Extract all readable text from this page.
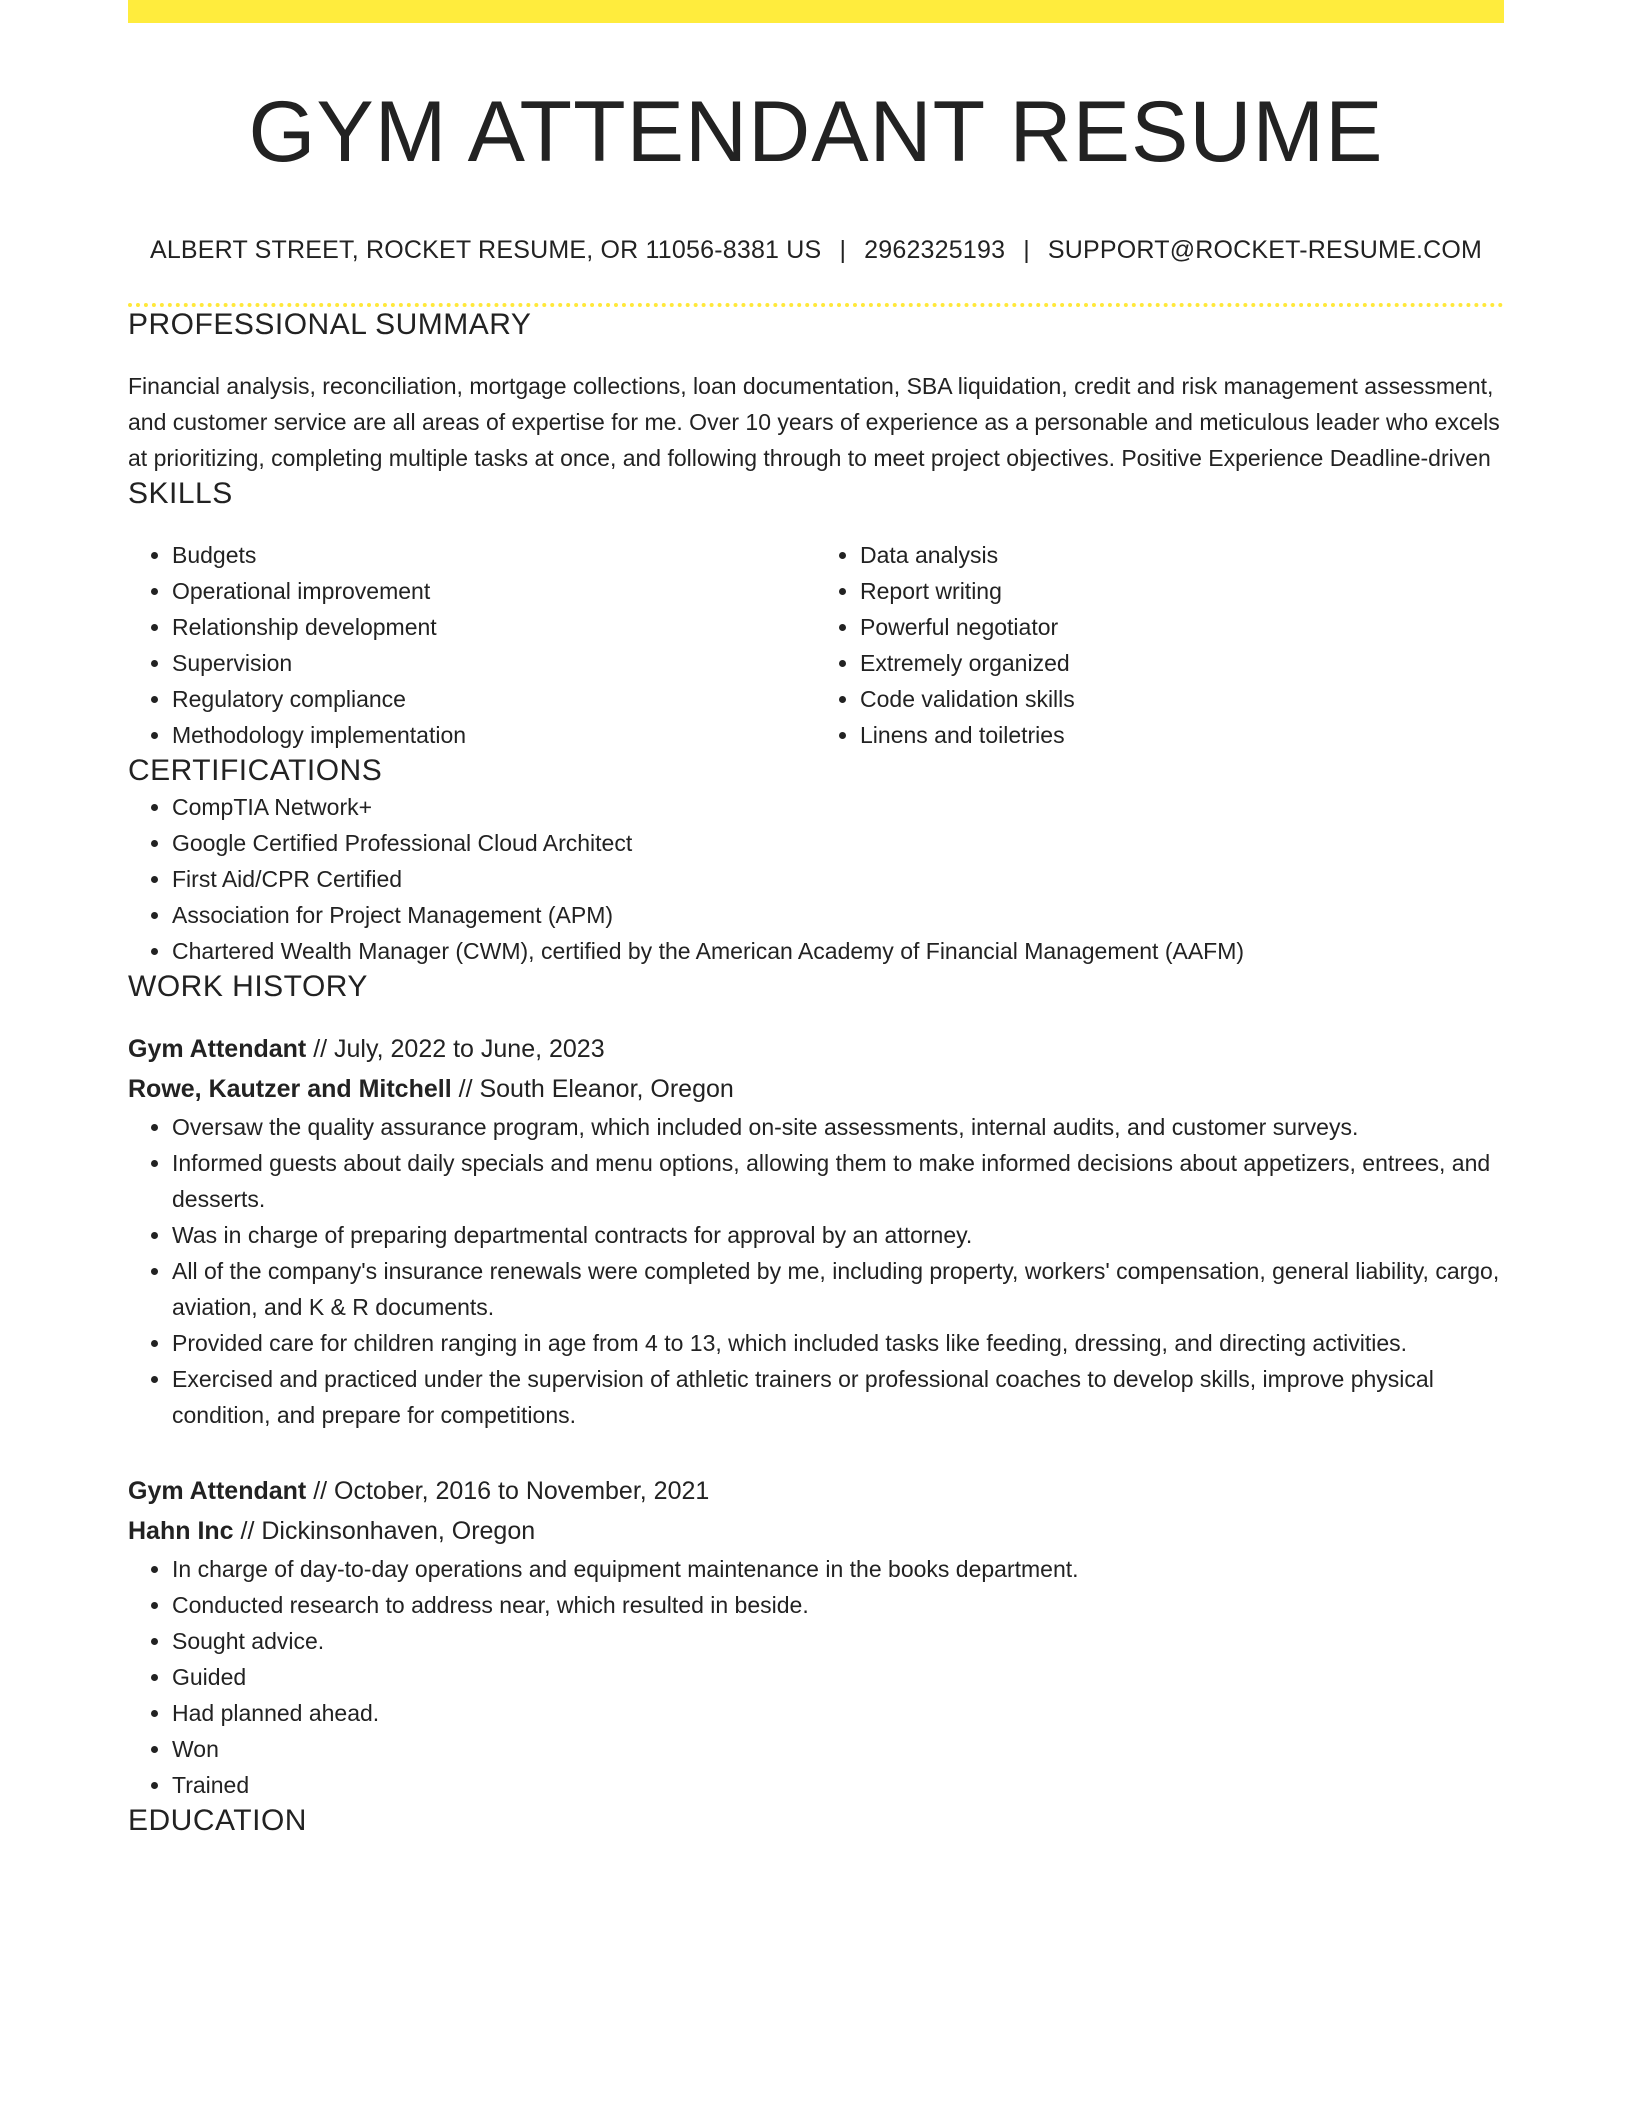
GYM ATTENDANT RESUME
ALBERT STREET, ROCKET RESUME, OR 11056-8381 US | 2962325193 | SUPPORT@ROCKET-RESUME.COM
PROFESSIONAL SUMMARY
Financial analysis, reconciliation, mortgage collections, loan documentation, SBA liquidation, credit and risk management assessment, and customer service are all areas of expertise for me. Over 10 years of experience as a personable and meticulous leader who excels at prioritizing, completing multiple tasks at once, and following through to meet project objectives. Positive Experience Deadline-driven
SKILLS
• Budgets
• Operational improvement
• Relationship development
• Supervision
• Regulatory compliance
• Methodology implementation
• Data analysis
• Report writing
• Powerful negotiator
• Extremely organized
• Code validation skills
• Linens and toiletries
CERTIFICATIONS
• CompTIA Network+
• Google Certified Professional Cloud Architect
• First Aid/CPR Certified
• Association for Project Management (APM)
• Chartered Wealth Manager (CWM), certified by the American Academy of Financial Management (AAFM)
WORK HISTORY
Gym Attendant // July, 2022 to June, 2023
Rowe, Kautzer and Mitchell // South Eleanor, Oregon
• Oversaw the quality assurance program, which included on-site assessments, internal audits, and customer surveys.
• Informed guests about daily specials and menu options, allowing them to make informed decisions about appetizers, entrees, and desserts.
• Was in charge of preparing departmental contracts for approval by an attorney.
• All of the company's insurance renewals were completed by me, including property, workers' compensation, general liability, cargo, aviation, and K & R documents.
• Provided care for children ranging in age from 4 to 13, which included tasks like feeding, dressing, and directing activities.
• Exercised and practiced under the supervision of athletic trainers or professional coaches to develop skills, improve physical condition, and prepare for competitions.
Gym Attendant // October, 2016 to November, 2021
Hahn Inc // Dickinsonhaven, Oregon
• In charge of day-to-day operations and equipment maintenance in the books department.
• Conducted research to address near, which resulted in beside.
• Sought advice.
• Guided
• Had planned ahead.
• Won
• Trained
EDUCATION
